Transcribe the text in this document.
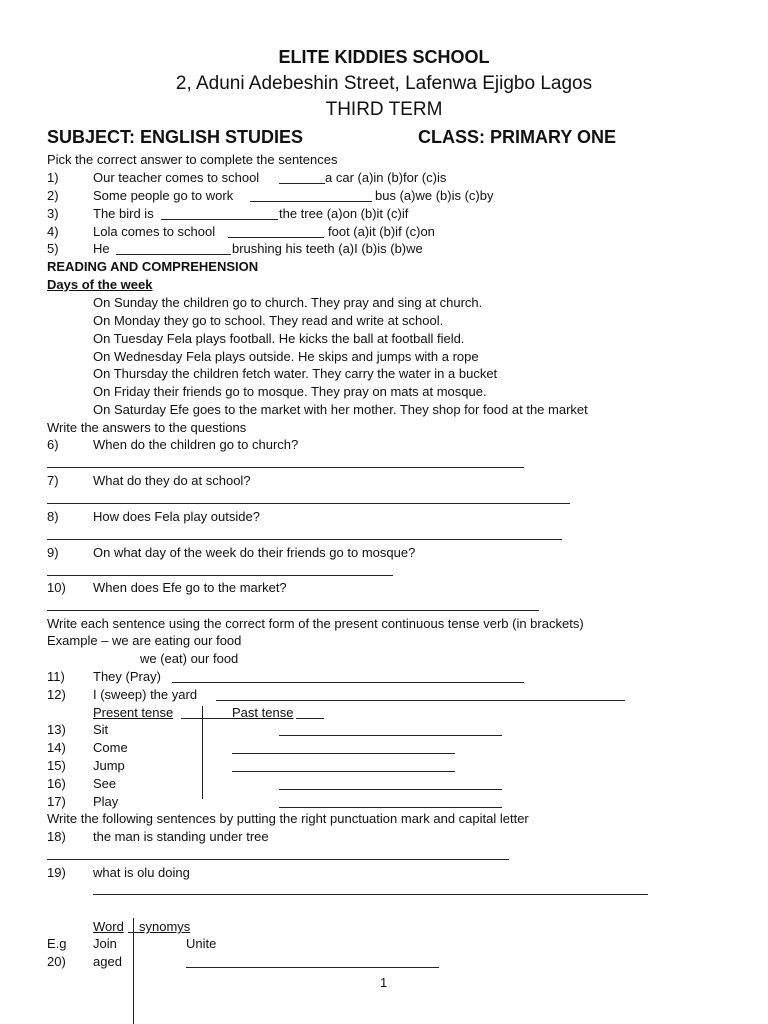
ELITE KIDDIES SCHOOL
2, Aduni Adebeshin Street, Lafenwa Ejigbo Lagos
THIRD TERM
SUBJECT: ENGLISH STUDIES	CLASS: PRIMARY ONE
Pick the correct answer to complete the sentences
1)	Our teacher comes to school	a car (a)in (b)for (c)is
2)	Some people go to work	bus (a)we (b)is (c)by
3)	The bird is	the tree (a)on (b)it (c)if
4)	Lola comes to school	foot (a)it (b)if (c)on
5)	He	brushing his teeth (a)I (b)is (b)we
READING AND COMPREHENSION
Days of the week
On Sunday the children go to church. They pray and sing at church.
On Monday they go to school. They read and write at school.
On Tuesday Fela plays football. He kicks the ball at football field.
On Wednesday Fela plays outside. He skips and jumps with a rope
On Thursday the children fetch water. They carry the water in a bucket
On Friday their friends go to mosque. They pray on mats at mosque.
On Saturday Efe goes to the market with her mother. They shop for food at the market
Write the answers to the questions
6)	When do the children go to church?
7)	What do they do at school?
8)	How does Fela play outside?
9)	On what day of the week do their friends go to mosque?
10) When does Efe go to the market?
Write each sentence using the correct form of the present continuous tense verb (in brackets)
Example – we are eating our food
we (eat) our food
11) They (Pray)
12) I (sweep) the yard
Present tense	Past tense
13) Sit
14) Come
15) Jump
16) See
17) Play
Write the following sentences by putting the right punctuation mark and capital letter
18) the man is standing under tree
19) what is olu doing
Word synomys
E.g Join	Unite
20) aged
1
